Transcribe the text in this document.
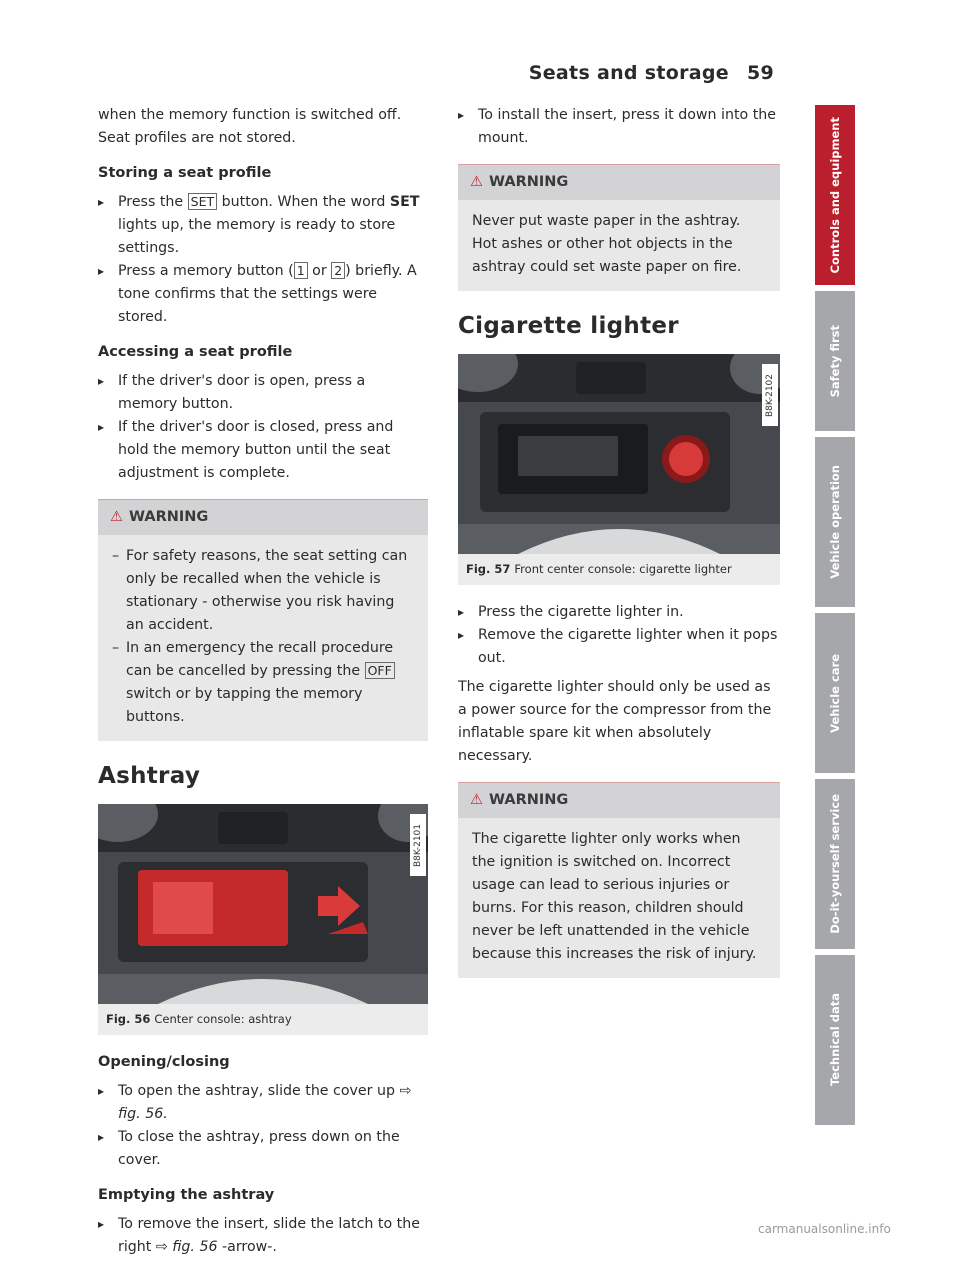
Seats and storage 59

when the memory function is switched off. Seat profiles are not stored.

Storing a seat profile
▸ Press the SET button. When the word SET lights up, the memory is ready to store settings.
▸ Press a memory button ( 1 or 2 ) briefly. A tone confirms that the settings were stored.
Accessing a seat profile
▸ If the driver's door is open, press a memory button.
▸ If the driver's door is closed, press and hold the memory button until the seat adjustment is complete.
⚠ WARNING
– For safety reasons, the seat setting can only be recalled when the vehicle is stationary - otherwise you risk having an accident.
– In an emergency the recall procedure can be cancelled by pressing the OFF switch or by tapping the memory buttons.
Ashtray
B8K-2101
Fig. 56 Center console: ashtray
Opening/closing
▸ To open the ashtray, slide the cover up ⇨ fig. 56.
▸ To close the ashtray, press down on the cover.
Emptying the ashtray
▸ To remove the insert, slide the latch to the right ⇨ fig. 56 -arrow-.
▸ To install the insert, press it down into the mount.
⚠ WARNING
Never put waste paper in the ashtray. Hot ashes or other hot objects in the ashtray could set waste paper on fire.
Cigarette lighter
B8K-2102
Fig. 57 Front center console: cigarette lighter
▸ Press the cigarette lighter in.
▸ Remove the cigarette lighter when it pops out.

The cigarette lighter should only be used as a power source for the compressor from the inflatable spare kit when absolutely necessary.

⚠ WARNING
The cigarette lighter only works when the ignition is switched on. Incorrect usage can lead to serious injuries or burns. For this reason, children should never be left unattended in the vehicle because this increases the risk of injury.
Controls and equipment
Safety first
Vehicle operation
Vehicle care
Do-it-yourself service
Technical data
carmanualsonline.info
